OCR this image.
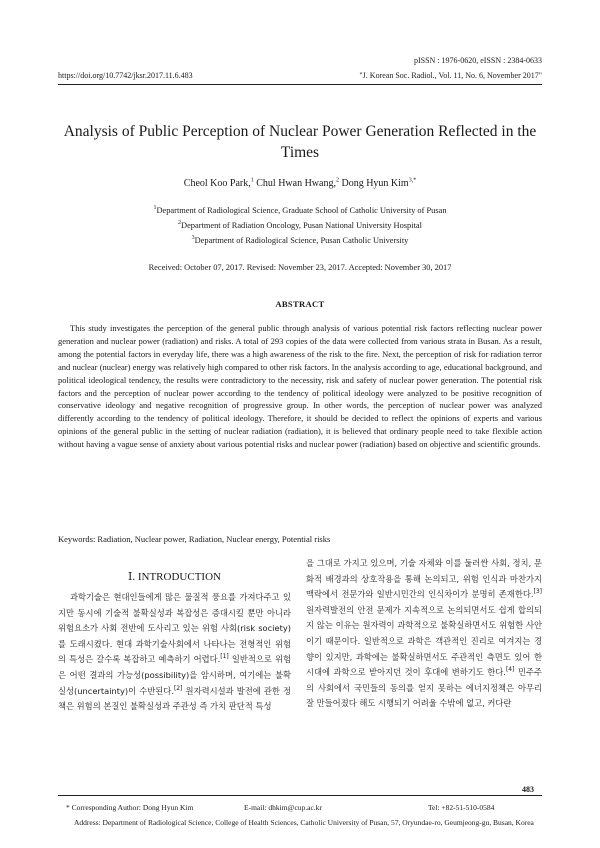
pISSN : 1976-0620, eISSN : 2384-0633
https://doi.org/10.7742/jksr.2017.11.6.483	"J. Korean Soc. Radiol., Vol. 11, No. 6, November 2017"
Analysis of Public Perception of Nuclear Power Generation Reflected in the Times
Cheol Koo Park,$^1$ Chul Hwan Hwang,$^2$ Dong Hyun Kim$^{3,*}$
$^1$Department of Radiological Science, Graduate School of Catholic University of Pusan
$^2$Department of Radiation Oncology, Pusan National University Hospital
$^3$Department of Radiological Science, Pusan Catholic University
Received: October 07, 2017. Revised: November 23, 2017. Accepted: November 30, 2017
ABSTRACT
This study investigates the perception of the general public through analysis of various potential risk factors reflecting nuclear power generation and nuclear power (radiation) and risks. A total of 293 copies of the data were collected from various strata in Busan. As a result, among the potential factors in everyday life, there was a high awareness of the risk to the fire. Next, the perception of risk for radiation terror and nuclear (nuclear) energy was relatively high compared to other risk factors. In the analysis according to age, educational background, and political ideological tendency, the results were contradictory to the necessity, risk and safety of nuclear power generation. The potential risk factors and the perception of nuclear power according to the tendency of political ideology were analyzed to be positive recognition of conservative ideology and negative recognition of progressive group. In other words, the perception of nuclear power was analyzed differently according to the tendency of political ideology. Therefore, it should be decided to reflect the opinions of experts and various opinions of the general public in the setting of nuclear radiation (radiation), it is believed that ordinary people need to take flexible action without having a vague sense of anxiety about various potential risks and nuclear power (radiation) based on objective and scientific grounds.
Keywords: Radiation, Nuclear power, Radiation, Nuclear energy, Potential risks
Ⅰ. INTRODUCTION
과학기술은 현대인들에게 많은 물질적 풍요를 가져다주고 있지만 동시에 기술적 불확실성과 복잡성은 증대시킬 뿐만 아니라 위험요소가 사회 전반에 도사리고 있는 위험 사회(risk society)를 도래시켰다. 현대 과학기술사회에서 나타나는 전형적인 위험의 특성은 갈수록 복잡하고 예측하기 어렵다.[1] 일반적으로 위험은 어떤 결과의 가능성(possibility)을 암시하며, 여기에는 불확실성(uncertainty)이 수반된다.[2] 원자력시설과 발전에 관한 정책은 위험의 본질인 불확실성과 주관성 즉 가치 판단적 특성
을 그대로 가지고 있으며, 기술 자체와 이를 둘러싼 사회, 정치, 문화적 배경과의 상호작용을 통해 논의되고, 위험 인식과 마찬가지 맥락에서 전문가와 일반시민간의 인식차이가 분명히 존재한다.[3] 원자력발전의 안전 문제가 지속적으로 논의되면서도 쉽게 합의되지 않는 이유는 원자력이 과학적으로 불확실하면서도 위험한 사안이기 때문이다. 일반적으로 과학은 객관적인 진리로 여겨지는 경향이 있지만, 과학에는 불확실하면서도 주관적인 측면도 있어 한 시대에 과학으로 받아지던 것이 후대에 변하기도 한다.[4] 민주주의 사회에서 국민들의 동의를 얻지 못하는 에너지정책은 아무리 잘 만들어졌다 해도 시행되기 어려울 수밖에 없고, 커다란
483
* Corresponding Author: Dong Hyun Kim	E-mail: dhkim@cup.ac.kr	Tel: +82-51-510-0584
Address: Department of Radiological Science, College of Health Sciences, Catholic University of Pusan, 57, Oryundae-ro, Geumjeong-gu, Busan, Korea
